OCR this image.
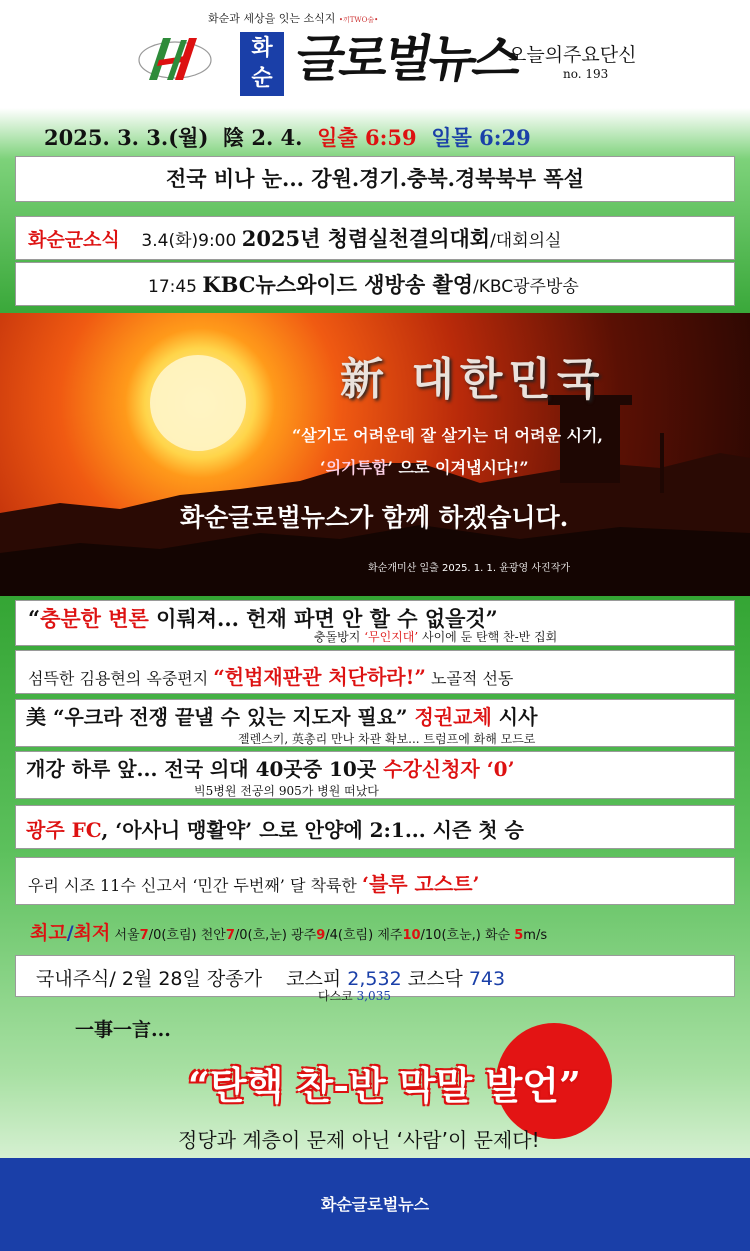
화순과 세상을 잇는 소식지 •끼TWO술•
화
순 글로벌뉴스
오늘의주요단신
no. 193
2025. 3. 3.(월) 陰 2. 4. 일출 6:59 일몰 6:29
전국 비나 눈... 강원.경기.충북.경북북부 폭설
화순군소식 3.4(화)9:00 2025년 청렴실천결의대회/대회의실
17:45 KBC뉴스와이드 생방송 촬영/KBC광주방송
新 대한민국
“살기도 어려운데 잘 살기는 더 어려운 시기,
‘의기투합’ 으로 이겨냅시다!”
화순글로벌뉴스가 함께 하겠습니다.
화순개미산 일출 2025. 1. 1. 윤광영 사진작가
“충분한 변론 이뤄져... 헌재 파면 안 할 수 없을것”
충돌방지 ‘무인지대’ 사이에 둔 탄핵 찬-반 집회
섬뜩한 김용현의 옥중편지 “헌법재판관 처단하라!” 노골적 선동
美 “우크라 전쟁 끝낼 수 있는 지도자 필요” 정권교체 시사
젤렌스키, 英총리 만나 차관 확보... 트럼프에 화해 모드로
개강 하루 앞... 전국 의대 40곳중 10곳 수강신청자 ‘0’
빅5병원 전공의 905가 병원 떠났다
광주 FC, ‘아사니 맹활약’ 으로 안양에 2:1... 시즌 첫 승
우리 시조 11수 신고서 ‘민간 두번째’ 달 착륙한 ‘블루 고스트’
최고/최저 서울7/0(흐림) 천안7/0(흐,눈) 광주9/4(흐림) 제주10/10(흐눈,) 화순 5m/s
국내주식/ 2월 28일 장종가 코스피 2,532 코스닥 743
다스코 3,035
一事一言...
“탄핵 찬-반 막말 발언”
정당과 계층이 문제 아닌 ‘사람’이 문제다!
화순글로벌뉴스
